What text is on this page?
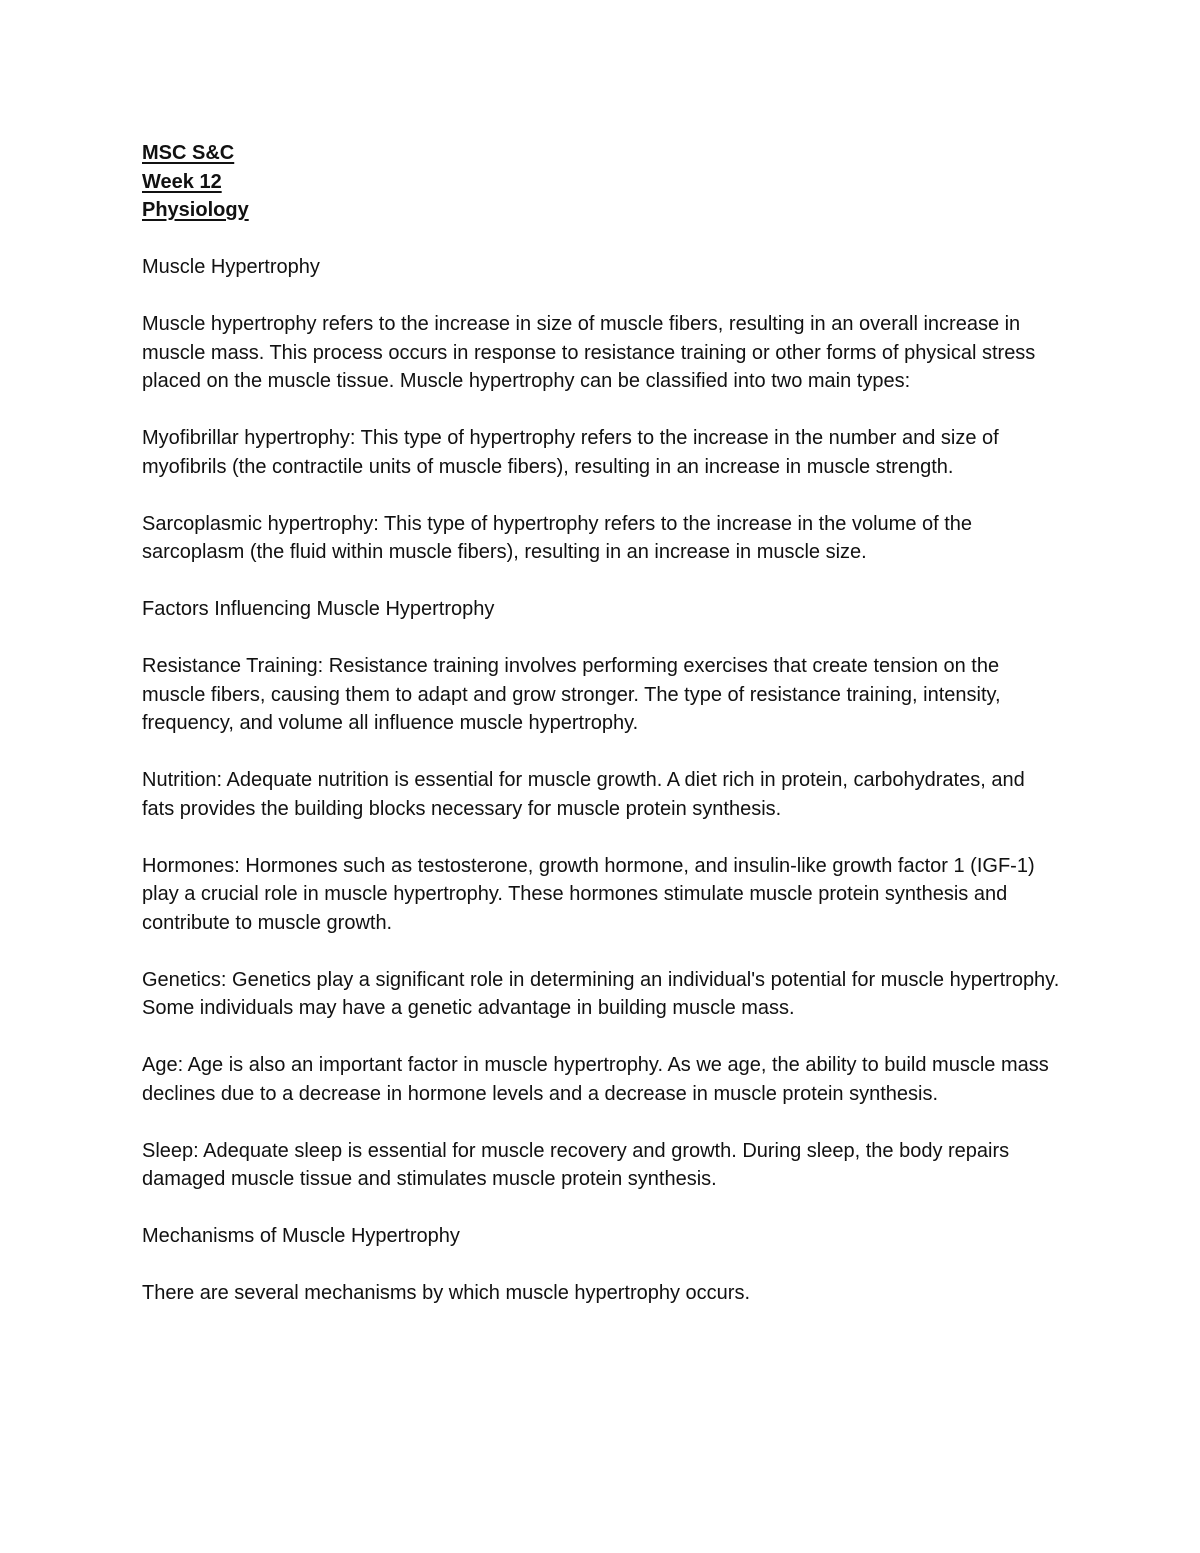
MSC S&C

Week 12

Physiology

Muscle Hypertrophy

Muscle hypertrophy refers to the increase in size of muscle fibers, resulting in an overall increase in muscle mass. This process occurs in response to resistance training or other forms of physical stress placed on the muscle tissue. Muscle hypertrophy can be classified into two main types:

Myofibrillar hypertrophy: This type of hypertrophy refers to the increase in the number and size of myofibrils (the contractile units of muscle fibers), resulting in an increase in muscle strength.

Sarcoplasmic hypertrophy: This type of hypertrophy refers to the increase in the volume of the sarcoplasm (the fluid within muscle fibers), resulting in an increase in muscle size.

Factors Influencing Muscle Hypertrophy

Resistance Training: Resistance training involves performing exercises that create tension on the muscle fibers, causing them to adapt and grow stronger. The type of resistance training, intensity, frequency, and volume all influence muscle hypertrophy.

Nutrition: Adequate nutrition is essential for muscle growth. A diet rich in protein, carbohydrates, and fats provides the building blocks necessary for muscle protein synthesis.

Hormones: Hormones such as testosterone, growth hormone, and insulin-like growth factor 1 (IGF-1) play a crucial role in muscle hypertrophy. These hormones stimulate muscle protein synthesis and contribute to muscle growth.

Genetics: Genetics play a significant role in determining an individual's potential for muscle hypertrophy. Some individuals may have a genetic advantage in building muscle mass.

Age: Age is also an important factor in muscle hypertrophy. As we age, the ability to build muscle mass declines due to a decrease in hormone levels and a decrease in muscle protein synthesis.

Sleep: Adequate sleep is essential for muscle recovery and growth. During sleep, the body repairs damaged muscle tissue and stimulates muscle protein synthesis.

Mechanisms of Muscle Hypertrophy

There are several mechanisms by which muscle hypertrophy occurs.
